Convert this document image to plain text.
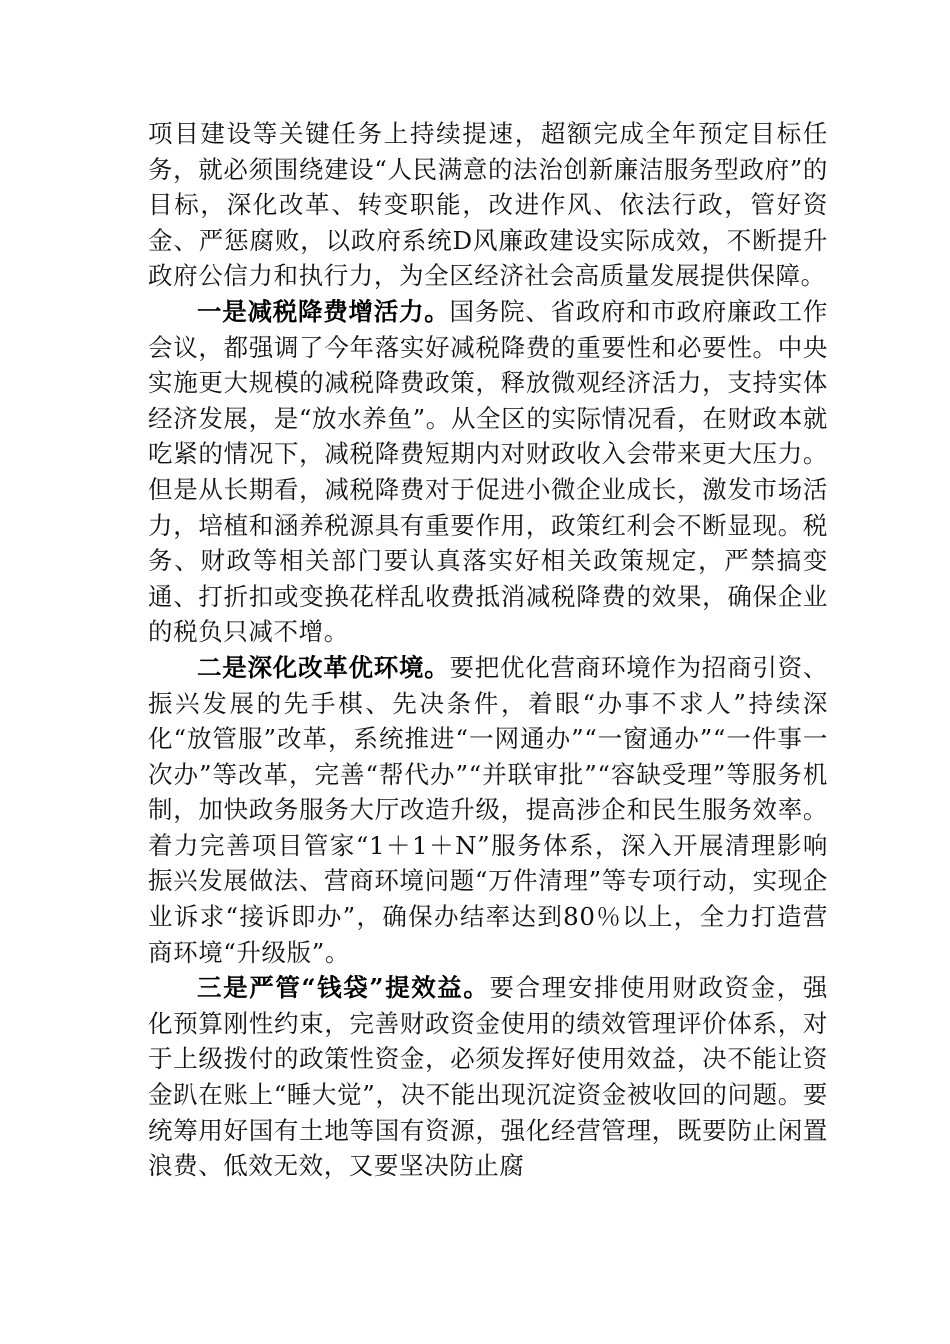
项目建设等关键任务上持续提速，超额完成全年预定目标任务，就必须围绕建设“人民满意的法治创新廉洁服务型政府”的目标，深化改革、转变职能，改进作风、依法行政，管好资金、严惩腐败，以政府系统D风廉政建设实际成效，不断提升政府公信力和执行力，为全区经济社会高质量发展提供保障。

一是减税降费增活力。国务院、省政府和市政府廉政工作会议，都强调了今年落实好减税降费的重要性和必要性。中央实施更大规模的减税降费政策，释放微观经济活力，支持实体经济发展，是“放水养鱼”。从全区的实际情况看，在财政本就吃紧的情况下，减税降费短期内对财政收入会带来更大压力。但是从长期看，减税降费对于促进小微企业成长，激发市场活力，培植和涵养税源具有重要作用，政策红利会不断显现。税务、财政等相关部门要认真落实好相关政策规定，严禁搞变通、打折扣或变换花样乱收费抵消减税降费的效果，确保企业的税负只减不增。

二是深化改革优环境。要把优化营商环境作为招商引资、振兴发展的先手棋、先决条件，着眼“办事不求人”持续深化“放管服”改革，系统推进“一网通办”“一窗通办”“一件事一次办”等改革，完善“帮代办”“并联审批”“容缺受理”等服务机制，加快政务服务大厅改造升级，提高涉企和民生服务效率。着力完善项目管家“1＋1＋N”服务体系，深入开展清理影响振兴发展做法、营商环境问题“万件清理”等专项行动，实现企业诉求“接诉即办”，确保办结率达到80％以上，全力打造营商环境“升级版”。

三是严管“钱袋”提效益。要合理安排使用财政资金，强化预算刚性约束，完善财政资金使用的绩效管理评价体系，对于上级拨付的政策性资金，必须发挥好使用效益，决不能让资金趴在账上“睡大觉”，决不能出现沉淀资金被收回的问题。要统筹用好国有土地等国有资源，强化经营管理，既要防止闲置浪费、低效无效，又要坚决防止腐
